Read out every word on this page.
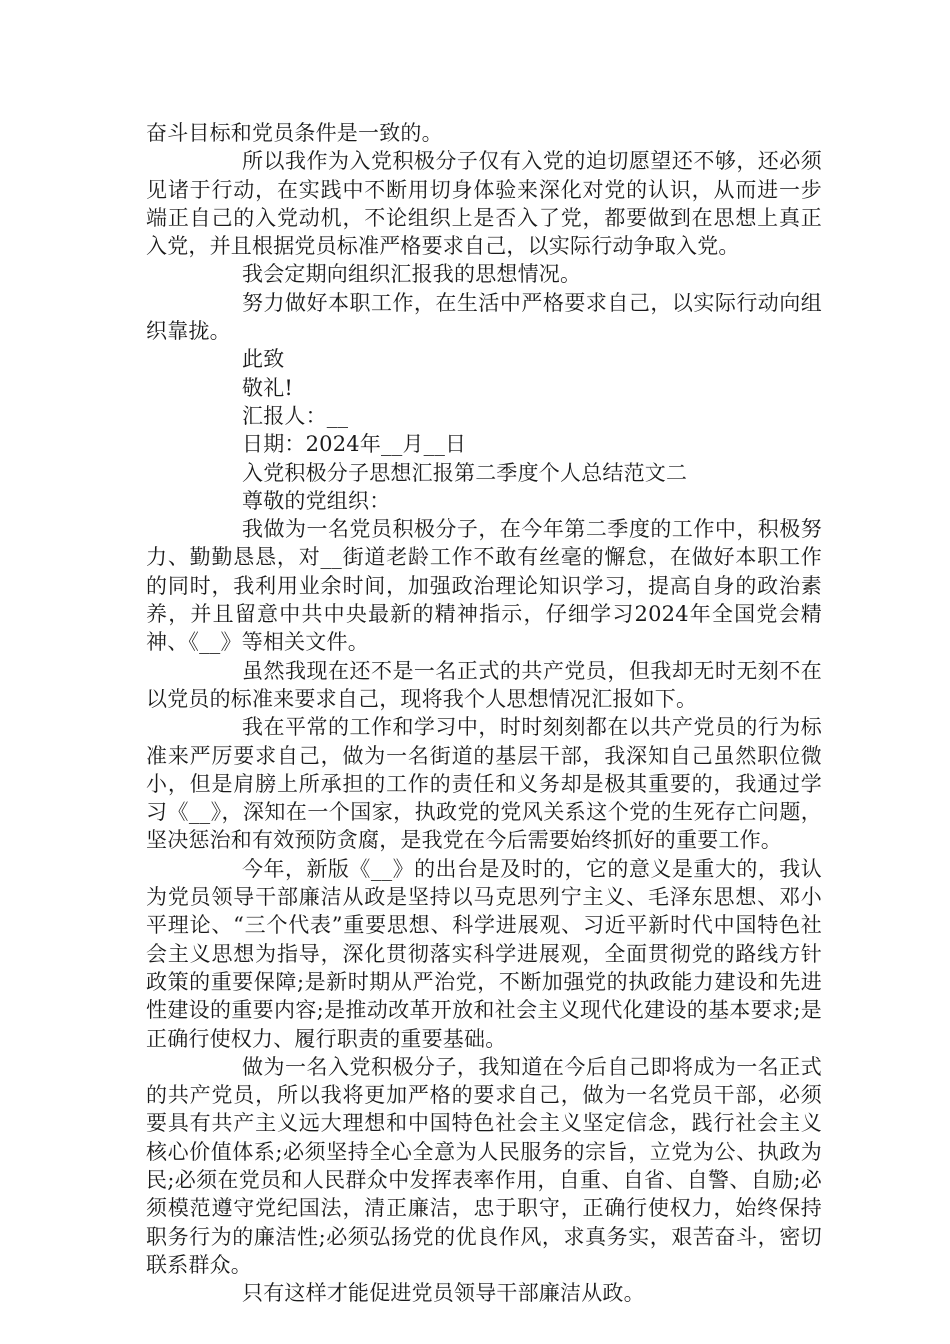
奋斗目标和党员条件是一致的。

所以我作为入党积极分子仅有入党的迫切愿望还不够，还必须见诸于行动，在实践中不断用切身体验来深化对党的认识，从而进一步端正自己的入党动机，不论组织上是否入了党，都要做到在思想上真正入党，并且根据党员标准严格要求自己，以实际行动争取入党。

我会定期向组织汇报我的思想情况。

努力做好本职工作，在生活中严格要求自己，以实际行动向组织靠拢。

此致

敬礼!

汇报人：__

日期：2024年__月__日

入党积极分子思想汇报第二季度个人总结范文二

尊敬的党组织：

我做为一名党员积极分子，在今年第二季度的工作中，积极努力、勤勤恳恳，对__街道老龄工作不敢有丝毫的懈怠，在做好本职工作的同时，我利用业余时间，加强政治理论知识学习，提高自身的政治素养，并且留意中共中央最新的精神指示，仔细学习2024年全国党会精神、《__》等相关文件。

虽然我现在还不是一名正式的共产党员，但我却无时无刻不在以党员的标准来要求自己，现将我个人思想情况汇报如下。

我在平常的工作和学习中，时时刻刻都在以共产党员的行为标准来严厉要求自己，做为一名街道的基层干部，我深知自己虽然职位微小，但是肩膀上所承担的工作的责任和义务却是极其重要的，我通过学习《__》，深知在一个国家，执政党的党风关系这个党的生死存亡问题，坚决惩治和有效预防贪腐，是我党在今后需要始终抓好的重要工作。

今年，新版《__》的出台是及时的，它的意义是重大的，我认为党员领导干部廉洁从政是坚持以马克思列宁主义、毛泽东思想、邓小平理论、“三个代表”重要思想、科学进展观、习近平新时代中国特色社会主义思想为指导，深化贯彻落实科学进展观，全面贯彻党的路线方针政策的重要保障;是新时期从严治党，不断加强党的执政能力建设和先进性建设的重要内容;是推动改革开放和社会主义现代化建设的基本要求;是正确行使权力、履行职责的重要基础。

做为一名入党积极分子，我知道在今后自己即将成为一名正式的共产党员，所以我将更加严格的要求自己，做为一名党员干部，必须要具有共产主义远大理想和中国特色社会主义坚定信念，践行社会主义核心价值体系;必须坚持全心全意为人民服务的宗旨，立党为公、执政为民;必须在党员和人民群众中发挥表率作用，自重、自省、自警、自励;必须模范遵守党纪国法，清正廉洁，忠于职守，正确行使权力，始终保持职务行为的廉洁性;必须弘扬党的优良作风，求真务实，艰苦奋斗，密切联系群众。

只有这样才能促进党员领导干部廉洁从政。
